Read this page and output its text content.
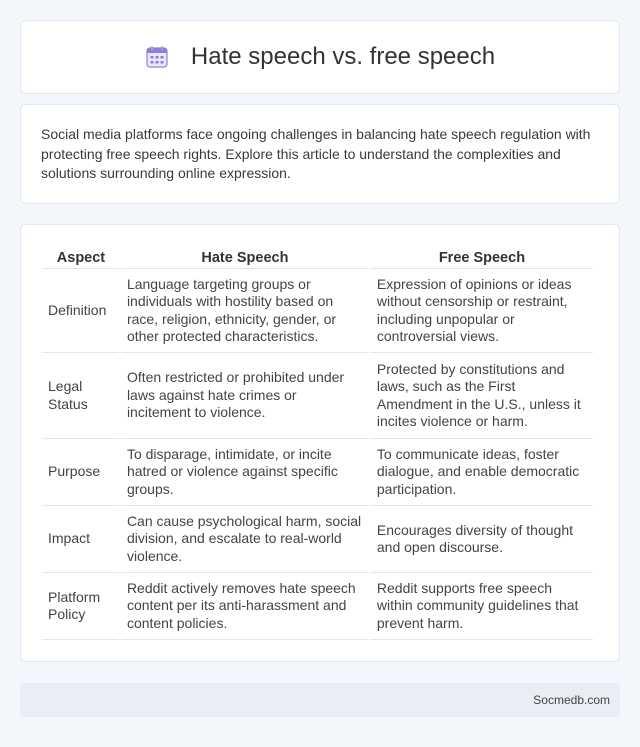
Hate speech vs. free speech

Social media platforms face ongoing challenges in balancing hate speech regulation with protecting free speech rights. Explore this article to understand the complexities and solutions surrounding online expression.

Aspect	Hate Speech	Free Speech
Definition	Language targeting groups or individuals with hostility based on race, religion, ethnicity, gender, or other protected characteristics.	Expression of opinions or ideas without censorship or restraint, including unpopular or controversial views.
Legal Status	Often restricted or prohibited under laws against hate crimes or incitement to violence.	Protected by constitutions and laws, such as the First Amendment in the U.S., unless it incites violence or harm.
Purpose	To disparage, intimidate, or incite hatred or violence against specific groups.	To communicate ideas, foster dialogue, and enable democratic participation.
Impact	Can cause psychological harm, social division, and escalate to real-world violence.	Encourages diversity of thought and open discourse.
Platform Policy	Reddit actively removes hate speech content per its anti-harassment and content policies.	Reddit supports free speech within community guidelines that prevent harm.
Socmedb.com
